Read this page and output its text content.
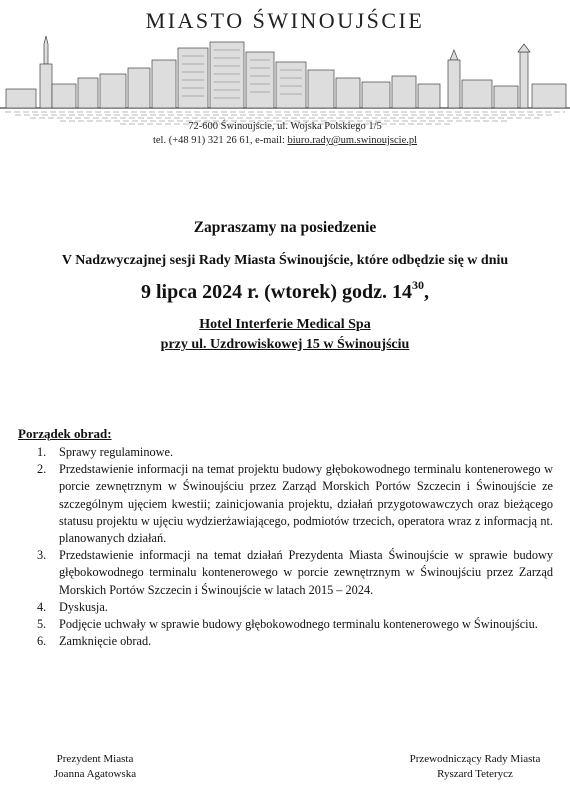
MIASTO ŚWINOUJŚCIE
72-600 Świnoujście, ul. Wojska Polskiego 1/5
tel. (+48 91) 321 26 61, e-mail: biuro.rady@um.swinoujscie.pl
Zapraszamy na posiedzenie
V Nadzwyczajnej sesji Rady Miasta Świnoujście, które odbędzie się w dniu
9 lipca 2024 r. (wtorek) godz. $14^{30}$,
Hotel Interferie Medical Spa
przy ul. Uzdrowiskowej 15 w Świnoujściu
Porządek obrad:
1.	Sprawy regulaminowe.
2.	Przedstawienie informacji na temat projektu budowy głębokowodnego terminalu kontenerowego w porcie zewnętrznym w Świnoujściu przez Zarząd Morskich Portów Szczecin i Świnoujście ze szczególnym ujęciem kwestii; zainicjowania projektu, działań przygotowawczych oraz bieżącego statusu projektu w ujęciu wydzierżawiającego, podmiotów trzecich, operatora wraz z informacją nt. planowanych działań.
3.	Przedstawienie informacji na temat działań Prezydenta Miasta Świnoujście w sprawie budowy głębokowodnego terminalu kontenerowego w porcie zewnętrznym w Świnoujściu przez Zarząd Morskich Portów Szczecin i Świnoujście w latach 2015 – 2024.
4.	Dyskusja.
5.	Podjęcie uchwały w sprawie budowy głębokowodnego terminalu kontenerowego w Świnoujściu.
6.	Zamknięcie obrad.
Prezydent Miasta
Joanna Agatowska
Przewodniczący Rady Miasta
Ryszard Teterycz
